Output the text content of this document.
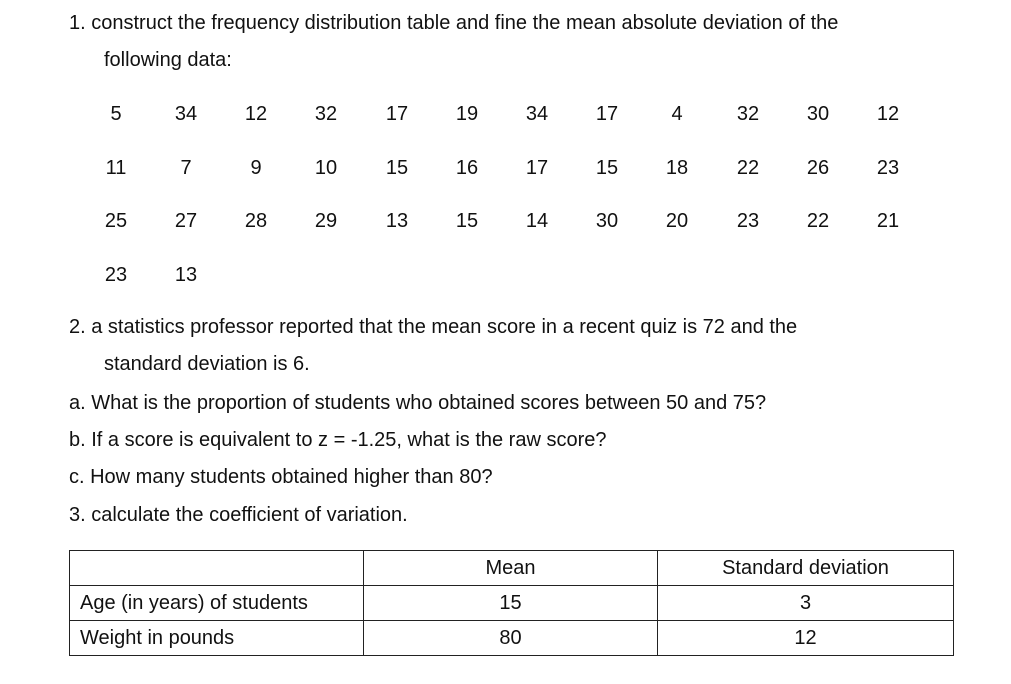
1. construct the frequency distribution table and fine the mean absolute deviation of the
following data:
5	34	12	32	17	19	34	17	4	32	30	12
11	7	9	10	15	16	17	15	18	22	26	23
25	27	28	29	13	15	14	30	20	23	22	21
23	13
2. a statistics professor reported that the mean score in a recent quiz is 72 and the
standard deviation is 6.
a. What is the proportion of students who obtained scores between 50 and 75?
b. If a score is equivalent to z = -1.25, what is the raw score?
c. How many students obtained higher than 80?
3. calculate the coefficient of variation.
	Mean	Standard deviation
Age (in years) of students	15	3
Weight in pounds	80	12
